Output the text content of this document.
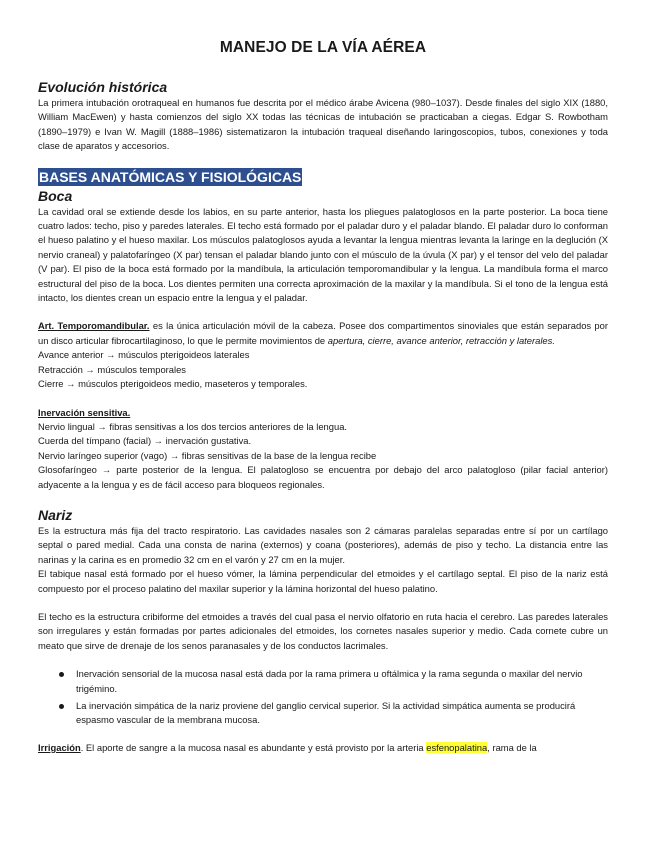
MANEJO DE LA VÍA AÉREA
Evolución histórica

La primera intubación orotraqueal en humanos fue descrita por el médico árabe Avicena (980–1037). Desde finales del siglo XIX (1880, William MacEwen) y hasta comienzos del siglo XX todas las técnicas de intubación se practicaban a ciegas. Edgar S. Rowbotham (1890–1979) e Ivan W. Magill (1888–1986) sistematizaron la intubación traqueal diseñando laringoscopios, tubos, conexiones y toda clase de aparatos y accesorios.

BASES ANATÓMICAS Y FISIOLÓGICAS
Boca

La cavidad oral se extiende desde los labios, en su parte anterior, hasta los pliegues palatoglosos en la parte posterior. La boca tiene cuatro lados: techo, piso y paredes laterales. El techo está formado por el paladar duro y el paladar blando. El paladar duro lo conforman el hueso palatino y el hueso maxilar. Los músculos palatoglosos ayuda a levantar la lengua mientras levanta la laringe en la deglución (X nervio craneal) y palatofaríngeo (X par) tensan el paladar blando junto con el músculo de la úvula (X par) y el tensor del velo del paladar (V par). El piso de la boca está formado por la mandíbula, la articulación temporomandibular y la lengua. La mandíbula forma el marco estructural del piso de la boca. Los dientes permiten una correcta aproximación de la maxilar y la mandíbula. Si el tono de la lengua está intacto, los dientes crean un espacio entre la lengua y el paladar.

Art. Temporomandibular. es la única articulación móvil de la cabeza. Posee dos compartimentos sinoviales que están separados por un disco articular fibrocartilaginoso, lo que le permite movimientos de apertura, cierre, avance anterior, retracción y laterales.

Avance anterior → músculos pterigoideos laterales

Retracción → músculos temporales

Cierre → músculos pterigoideos medio, maseteros y temporales.

Inervación sensitiva.

Nervio lingual → fibras sensitivas a los dos tercios anteriores de la lengua.

Cuerda del tímpano (facial) → inervación gustativa.

Nervio laríngeo superior (vago) → fibras sensitivas de la base de la lengua recibe

Glosofaríngeo → parte posterior de la lengua. El palatogloso se encuentra por debajo del arco palatogloso (pilar facial anterior) adyacente a la lengua y es de fácil acceso para bloqueos regionales.

Nariz

Es la estructura más fija del tracto respiratorio. Las cavidades nasales son 2 cámaras paralelas separadas entre sí por un cartílago septal o pared medial. Cada una consta de narina (externos) y coana (posteriores), además de piso y techo. La distancia entre las narinas y la carina es en promedio 32 cm en el varón y 27 cm en la mujer.

El tabique nasal está formado por el hueso vómer, la lámina perpendicular del etmoides y el cartílago septal. El piso de la nariz está compuesto por el proceso palatino del maxilar superior y la lámina horizontal del hueso palatino.

El techo es la estructura cribiforme del etmoides a través del cual pasa el nervio olfatorio en ruta hacia el cerebro. Las paredes laterales son irregulares y están formadas por partes adicionales del etmoides, los cornetes nasales superior y medio. Cada cornete cubre un meato que sirve de drenaje de los senos paranasales y de los conductos lacrimales.

Inervación sensorial de la mucosa nasal está dada por la rama primera u oftálmica y la rama segunda o maxilar del nervio trigémino.
La inervación simpática de la nariz proviene del ganglio cervical superior. Si la actividad simpática aumenta se producirá espasmo vascular de la membrana mucosa.

Irrigación. El aporte de sangre a la mucosa nasal es abundante y está provisto por la arteria esfenopalatina, rama de la
